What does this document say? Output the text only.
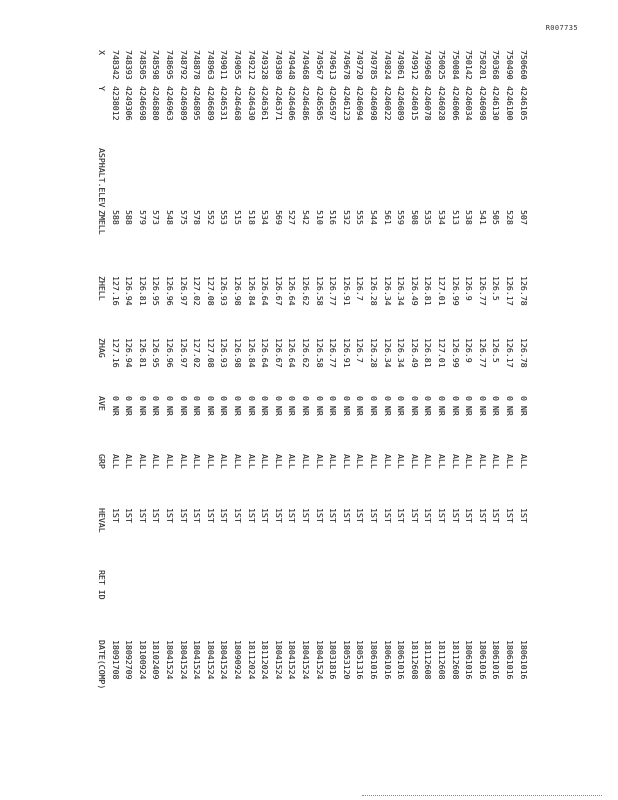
R007735
X
Y
ASPHALT.ELEV
ZMELL
ZHELL
ZHAG
AVE
GRP
HEVAL
RET ID
DATE(COMP)
748342
4238012
588
127.16
127.16
0 NR
ALL
1ST
18091708
748393
4249306
588
126.94
126.94
0 NR
ALL
1ST
18092709
748505
4246698
579
126.81
126.81
0 NR
ALL
1ST
18100924
748598
4246880
573
126.95
126.95
0 NR
ALL
1ST
18102409
748695
4246963
548
126.96
126.96
0 NR
ALL
1ST
18041524
748792
4246989
575
126.97
126.97
0 NR
ALL
1ST
18041524
748878
4246895
578
127.02
127.02
0 NR
ALL
1ST
18041524
748963
4246689
552
127.08
127.08
0 NR
ALL
1ST
18041524
749011
4246531
553
126.93
126.93
0 NR
ALL
1ST
18041524
749055
4246468
515
126.98
126.98
0 NR
ALL
1ST
18090924
749212
4246430
518
126.84
126.84
0 NR
ALL
1ST
18112024
749328
4246361
534
126.64
126.64
0 NR
ALL
1ST
18112024
749389
4246371
569
126.67
126.67
0 NR
ALL
1ST
18041524
749448
4246406
527
126.64
126.64
0 NR
ALL
1ST
18041524
749468
4246486
542
126.62
126.62
0 NR
ALL
1ST
18041524
749567
4246505
510
126.58
126.58
0 NR
ALL
1ST
18041524
749613
4246597
516
126.77
126.77
0 NR
ALL
1ST
18031816
749678
4246123
532
126.91
126.91
0 NR
ALL
1ST
18053120
749720
4246094
555
126.7
126.7
0 NR
ALL
1ST
18051316
749785
4246098
544
126.28
126.28
0 NR
ALL
1ST
18061016
749824
4246022
561
126.34
126.34
0 NR
ALL
1ST
18061016
749861
4246089
559
126.34
126.34
0 NR
ALL
1ST
18061016
749912
4246015
508
126.49
126.49
0 NR
ALL
1ST
18112608
749968
4246078
535
126.81
126.81
0 NR
ALL
1ST
18112608
750025
4246028
534
127.01
127.01
0 NR
ALL
1ST
18112608
750084
4246006
513
126.99
126.99
0 NR
ALL
1ST
18112608
750142
4246034
538
126.9
126.9
0 NR
ALL
1ST
18061016
750201
4246098
541
126.77
126.77
0 NR
ALL
1ST
18061016
750368
4246130
505
126.5
126.5
0 NR
ALL
1ST
18061016
750490
4246100
528
126.17
126.17
0 NR
ALL
1ST
18061016
750660
4246105
507
126.78
126.78
0 NR
ALL
1ST
18061016
